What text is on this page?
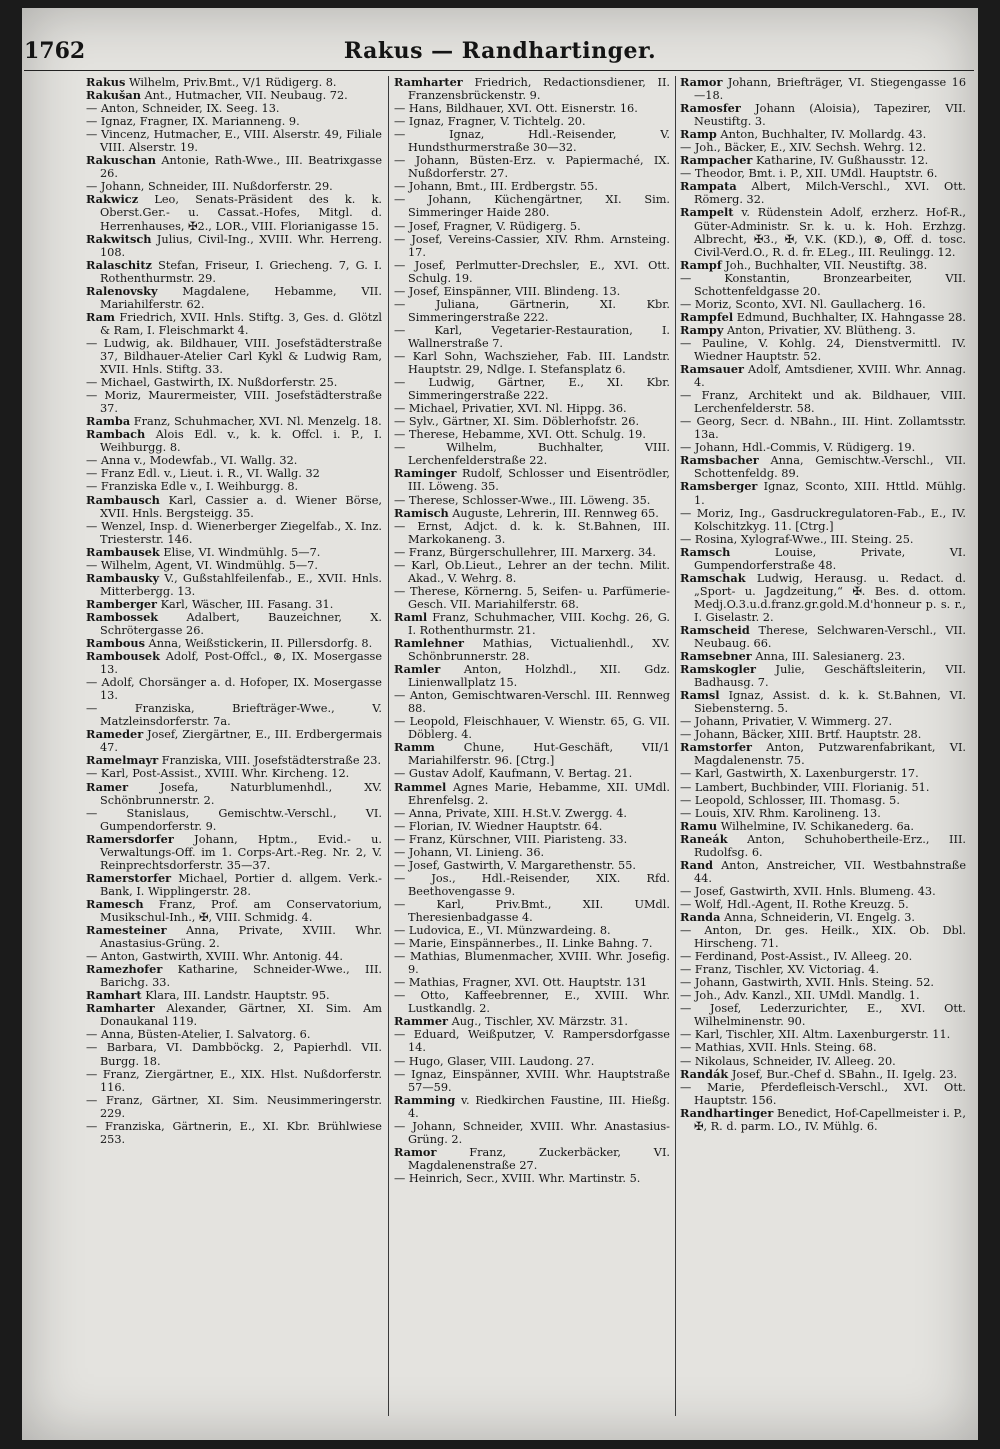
1762	Rakus — Randhartinger.

Rakus Wilhelm, Priv.Bmt., V/1 Rüdigerg. 8.

Rakušan Ant., Hutmacher, VII. Neubaug. 72.

— Anton, Schneider, IX. Seeg. 13.

— Ignaz, Fragner, IX. Marianneng. 9.

— Vincenz, Hutmacher, E., VIII. Alserstr. 49, Filiale VIII. Alserstr. 19.

Rakuschan Antonie, Rath-Wwe., III. Beatrixgasse 26.

— Johann, Schneider, III. Nußdorferstr. 29.

Rakwicz Leo, Senats-Präsident des k. k. Oberst.Ger.- u. Cassat.-Hofes, Mitgl. d. Herrenhauses, ✠2., LOR., VIII. Florianigasse 15.

Rakwitsch Julius, Civil-Ing., XVIII. Whr. Herreng. 108.

Ralaschitz Stefan, Friseur, I. Griecheng. 7, G. I. Rothenthurmstr. 29.

Ralenovsky Magdalene, Hebamme, VII. Mariahilferstr. 62.

Ram Friedrich, XVII. Hnls. Stiftg. 3, Ges. d. Glötzl & Ram, I. Fleischmarkt 4.

— Ludwig, ak. Bildhauer, VIII. Josefstädterstraße 37, Bildhauer-Atelier Carl Kykl & Ludwig Ram, XVII. Hnls. Stiftg. 33.

— Michael, Gastwirth, IX. Nußdorferstr. 25.

— Moriz, Maurermeister, VIII. Josefstädterstraße 37.

Ramba Franz, Schuhmacher, XVI. Nl. Menzelg. 18.

Rambach Alois Edl. v., k. k. Offcl. i. P., I. Weihburgg. 8.

— Anna v., Modewfab., VI. Wallg. 32.

— Franz Edl. v., Lieut. i. R., VI. Wallg. 32

— Franziska Edle v., I. Weihburgg. 8.

Rambausch Karl, Cassier a. d. Wiener Börse, XVII. Hnls. Bergsteigg. 35.

— Wenzel, Insp. d. Wienerberger Ziegelfab., X. Inz. Triesterstr. 146.

Rambausek Elise, VI. Windmühlg. 5—7.

— Wilhelm, Agent, VI. Windmühlg. 5—7.

Rambausky V., Gußstahlfeilenfab., E., XVII. Hnls. Mitterbergg. 13.

Ramberger Karl, Wäscher, III. Fasang. 31.

Rambossek	Adalbert, Bauzeichner, X. Schrötergasse 26.

Rambous Anna, Weißstickerin, II. Pillersdorfg. 8.

Rambousek Adolf, Post-Offcl., ⊛, IX. Mosergasse 13.

— Adolf, Chorsänger a. d. Hofoper, IX. Mosergasse 13.

— Franziska, Briefträger-Wwe., V. Matzleinsdorferstr. 7a.

Rameder Josef, Ziergärtner, E., III. Erdbergermais 47.

Ramelmayr Franziska, VIII. Josefstädterstraße 23.

— Karl, Post-Assist., XVIII. Whr. Kircheng. 12.

Ramer	Josefa, Naturblumenhdl., XV. Schönbrunnerstr. 2.

— Stanislaus, Gemischtw.-Verschl., VI. Gumpendorferstr. 9.

Ramersdorfer Johann, Hptm., Evid.- u. Verwaltungs-Off. im 1. Corps-Art.-Reg. Nr. 2, V. Reinprechtsdorferstr. 35—37.

Ramerstorfer Michael, Portier d. allgem. Verk.-Bank, I. Wipplingerstr. 28.

Ramesch Franz, Prof. am Conservatorium, Musikschul-Inh., ✠, VIII. Schmidg. 4.

Ramesteiner Anna, Private, XVIII. Whr. Anastasius-Grüng. 2.

— Anton, Gastwirth, XVIII. Whr. Antonig. 44.

Ramezhofer Katharine, Schneider-Wwe., III. Barichg. 33.

Ramhart Klara, III. Landstr. Hauptstr. 95.

Ramharter Alexander, Gärtner, XI. Sim. Am Donaukanal 119.

— Anna, Büsten-Atelier, I. Salvatorg. 6.

— Barbara, VI. Dambböckg. 2, Papierhdl. VII. Burgg. 18.

— Franz, Ziergärtner, E., XIX. Hlst. Nußdorferstr. 116.

— Franz, Gärtner, XI. Sim. Neusimmeringerstr. 229.

— Franziska, Gärtnerin, E., XI. Kbr. Brühlwiese 253.

Ramharter Friedrich, Redactionsdiener, II. Franzensbrückenstr. 9.

— Hans, Bildhauer, XVI. Ott. Eisnerstr. 16.

— Ignaz, Fragner, V. Tichtelg. 20.

— Ignaz, Hdl.-Reisender, V. Hundsthurmerstraße 30—32.

— Johann, Büsten-Erz. v. Papiermaché, IX. Nußdorferstr. 27.

— Johann, Bmt., III. Erdbergstr. 55.

— Johann, Küchengärtner, XI. Sim. Simmeringer Haide 280.

— Josef, Fragner, V. Rüdigerg. 5.

— Josef, Vereins-Cassier, XIV. Rhm. Arnsteing. 17.

— Josef, Perlmutter-Drechsler, E., XVI. Ott. Schulg. 19.

— Josef, Einspänner, VIII. Blindeng. 13.

— Juliana, Gärtnerin, XI. Kbr. Simmeringerstraße 222.

— Karl, Vegetarier-Restauration, I. Wallnerstraße 7.

— Karl Sohn, Wachszieher, Fab. III. Landstr. Hauptstr. 29, Ndlge. I. Stefansplatz 6.

— Ludwig, Gärtner, E., XI. Kbr. Simmeringerstraße 222.

— Michael, Privatier, XVI. Nl. Hippg. 36.

— Sylv., Gärtner, XI. Sim. Döblerhofstr. 26.

— Therese, Hebamme, XVI. Ott. Schulg. 19.

— Wilhelm, Buchhalter, VIII. Lerchenfelderstraße 22.

Raminger Rudolf, Schlosser und Eisentrödler, III. Löweng. 35.

— Therese, Schlosser-Wwe., III. Löweng. 35.

Ramisch Auguste, Lehrerin, III. Rennweg 65.

— Ernst, Adjct. d. k. k. St.Bahnen, III. Markokaneng. 3.

— Franz, Bürgerschullehrer, III. Marxerg. 34.

— Karl, Ob.Lieut., Lehrer an der techn. Milit. Akad., V. Wehrg. 8.

— Therese, Körnerng. 5, Seifen- u. Parfümerie-Gesch. VII. Mariahilferstr. 68.

Raml Franz, Schuhmacher, VIII. Kochg. 26, G. I. Rothenthurmstr. 21.

Ramlehner Mathias, Victualienhdl., XV. Schönbrunnerstr. 28.

Ramler Anton, Holzhdl., XII. Gdz. Linienwallplatz 15.

— Anton, Gemischtwaren-Verschl. III. Rennweg 88.

— Leopold, Fleischhauer, V. Wienstr. 65, G. VII. Döblerg. 4.

Ramm	Chune, Hut-Geschäft, VII/1 Mariahilferstr. 96. [Ctrg.]

— Gustav Adolf, Kaufmann, V. Bertag. 21.

Rammel Agnes Marie, Hebamme, XII. UMdl. Ehrenfelsg. 2.

— Anna, Private, XIII. H.St.V. Zwergg. 4.

— Florian, IV. Wiedner Hauptstr. 64.

— Franz, Kürschner, VIII. Piaristeng. 33.

— Johann, VI. Linieng. 36.

— Josef, Gastwirth, V. Margarethenstr. 55.

— Jos., Hdl.-Reisender, XIX. Rfd. Beethovengasse 9.

— Karl, Priv.Bmt., XII. UMdl. Theresienbadgasse 4.

— Ludovica, E., VI. Münzwardeing. 8.

— Marie, Einspännerbes., II. Linke Bahng. 7.

— Mathias, Blumenmacher, XVIII. Whr. Josefig. 9.

— Mathias, Fragner, XVI. Ott. Hauptstr. 131

— Otto, Kaffeebrenner, E., XVIII. Whr. Lustkandlg. 2.

Rammer Aug., Tischler, XV. Märzstr. 31.

— Eduard, Weißputzer, V. Rampersdorfgasse 14.

— Hugo, Glaser, VIII. Laudong. 27.

— Ignaz, Einspänner, XVIII. Whr. Hauptstraße 57—59.

Ramming v. Riedkirchen Faustine, III. Hießg. 4.

— Johann, Schneider, XVIII. Whr. Anastasius-Grüng. 2.

Ramor	Franz, Zuckerbäcker, VI. Magdalenenstraße 27.

— Heinrich, Secr., XVIII. Whr. Martinstr. 5.

Ramor Johann, Briefträger, VI. Stiegengasse 16—18.

Ramosfer Johann (Aloisia), Tapezirer, VII. Neustiftg. 3.

Ramp Anton, Buchhalter, IV. Mollardg. 43.

— Joh., Bäcker, E., XIV. Sechsh. Wehrg. 12.

Rampacher Katharine, IV. Gußhausstr. 12.

— Theodor, Bmt. i. P., XII. UMdl. Hauptstr. 6.

Rampata Albert, Milch-Verschl., XVI. Ott. Römerg. 32.

Rampelt v. Rüdenstein Adolf, erzherz. Hof-R., Güter-Administr. Sr. k. u. k. Hoh. Erzhzg. Albrecht, ✠3., ✠, V.K. (KD.), ⊛, Off. d. tosc. Civil-Verd.O., R. d. fr. ELeg., III. Reulingg. 12.

Rampf Joh., Buchhalter, VII. Neustiftg. 38.

— Konstantin, Bronzearbeiter, VII. Schottenfeldgasse 20.

— Moriz, Sconto, XVI. Nl. Gaullacherg. 16.

Rampfel Edmund, Buchhalter, IX. Hahngasse 28.

Rampy Anton, Privatier, XV. Blütheng. 3.

— Pauline, V. Kohlg. 24, Dienstvermittl. IV. Wiedner Hauptstr. 52.

Ramsauer Adolf, Amtsdiener, XVIII. Whr. Annag. 4.

— Franz, Architekt und ak. Bildhauer, VIII. Lerchenfelderstr. 58.

— Georg, Secr. d. NBahn., III. Hint. Zollamtsstr. 13a.

— Johann, Hdl.-Commis, V. Rüdigerg. 19.

Ramsbacher Anna, Gemischtw.-Verschl., VII. Schottenfeldg. 89.

Ramsberger Ignaz, Sconto, XIII. Httld. Mühlg. 1.

— Moriz, Ing., Gasdruckregulatoren-Fab., E., IV. Kolschitzkyg. 11. [Ctrg.]

— Rosina, Xylograf-Wwe., III. Steing. 25.

Ramsch	Louise, Private, VI. Gumpendorferstraße 48.

Ramschak Ludwig, Herausg. u. Redact. d. „Sport- u. Jagdzeitung,“ ✠. Bes. d. ottom. Medj.O.3.u.d.franz.gr.gold.M.d'honneur p. s. r., I. Giselastr. 2.

Ramscheid Therese, Selchwaren-Verschl., VII. Neubaug. 66.

Ramsebner Anna, III. Salesianerg. 23.

Ramskogler Julie, Geschäftsleiterin, VII. Badhausg. 7.

Ramsl Ignaz, Assist. d. k. k. St.Bahnen, VI. Siebensterng. 5.

— Johann, Privatier, V. Wimmerg. 27.

— Johann, Bäcker, XIII. Brtf. Hauptstr. 28.

Ramstorfer Anton, Putzwarenfabrikant, VI. Magdalenenstr. 75.

— Karl, Gastwirth, X. Laxenburgerstr. 17.

— Lambert, Buchbinder, VIII. Florianig. 51.

— Leopold, Schlosser, III. Thomasg. 5.

— Louis, XIV. Rhm. Karolineng. 13.

Ramu Wilhelmine, IV. Schikanederg. 6a.

Raneák Anton, Schuhobertheile-Erz., III. Rudolfsg. 6.

Rand Anton, Anstreicher, VII. Westbahnstraße 44.

— Josef, Gastwirth, XVII. Hnls. Blumeng. 43.

— Wolf, Hdl.-Agent, II. Rothe Kreuzg. 5.

Randa Anna, Schneiderin, VI. Engelg. 3.

— Anton, Dr. ges. Heilk., XIX. Ob. Dbl. Hirscheng. 71.

— Ferdinand, Post-Assist., IV. Alleeg. 20.

— Franz, Tischler, XV. Victoriag. 4.

— Johann, Gastwirth, XVII. Hnls. Steing. 52.

— Joh., Adv. Kanzl., XII. UMdl. Mandlg. 1.

— Josef, Lederzurichter, E., XVI. Ott. Wilhelminenstr. 90.

— Karl, Tischler, XII. Altm. Laxenburgerstr. 11.

— Mathias, XVII. Hnls. Steing. 68.

— Nikolaus, Schneider, IV. Alleeg. 20.

Randák Josef, Bur.-Chef d. SBahn., II. Igelg. 23.

— Marie, Pferdefleisch-Verschl., XVI. Ott. Hauptstr. 156.

Randhartinger Benedict, Hof-Capellmeister i. P., ✠, R. d. parm. LO., IV. Mühlg. 6.
